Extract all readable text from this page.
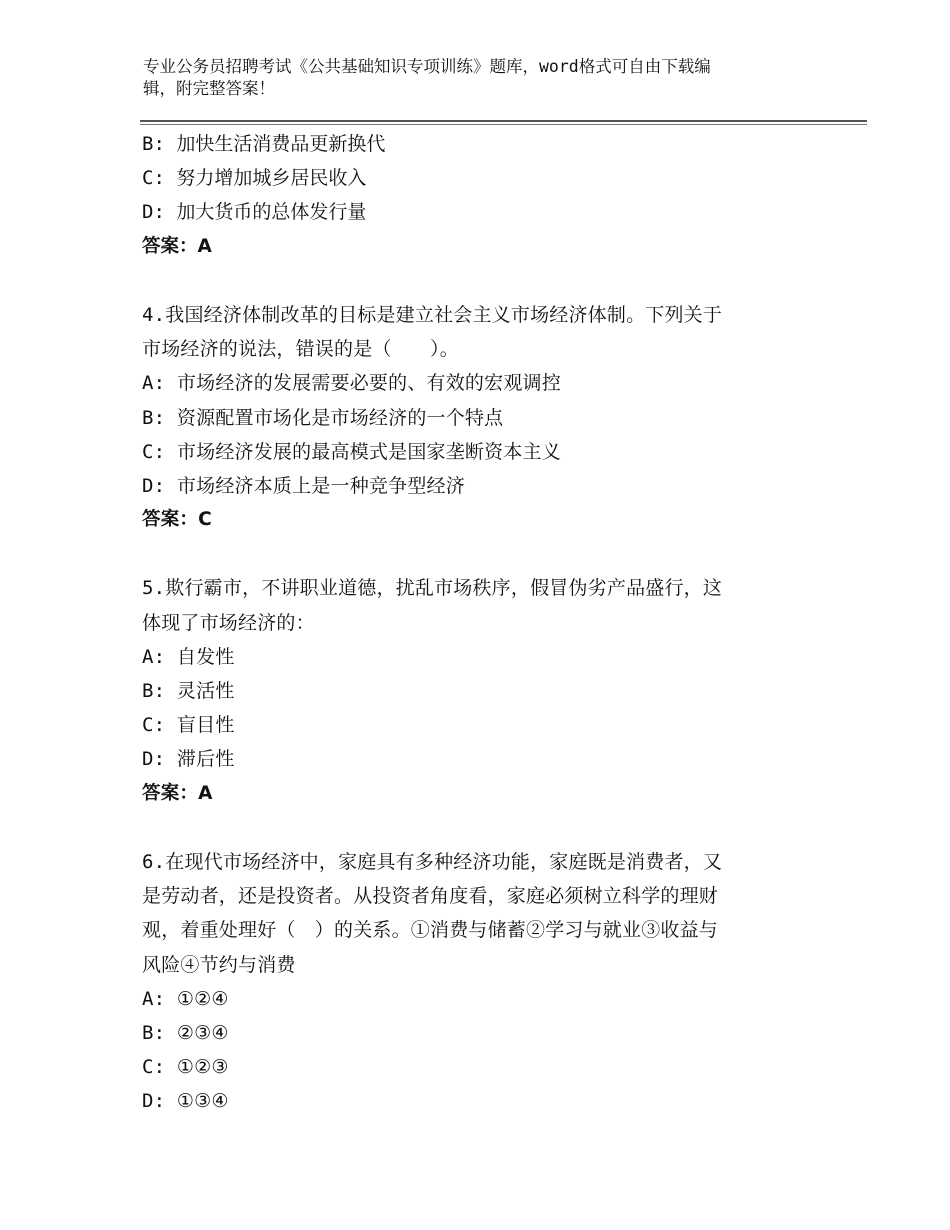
专业公务员招聘考试《公共基础知识专项训练》题库，word格式可自由下载编
辑，附完整答案！
B: 加快生活消费品更新换代
C: 努力增加城乡居民收入
D: 加大货币的总体发行量
答案：A
4.我国经济体制改革的目标是建立社会主义市场经济体制。下列关于
市场经济的说法，错误的是（　　）。
A: 市场经济的发展需要必要的、有效的宏观调控
B: 资源配置市场化是市场经济的一个特点
C: 市场经济发展的最高模式是国家垄断资本主义
D: 市场经济本质上是一种竞争型经济
答案：C
5.欺行霸市，不讲职业道德，扰乱市场秩序，假冒伪劣产品盛行，这
体现了市场经济的：
A: 自发性
B: 灵活性
C: 盲目性
D: 滞后性
答案：A
6.在现代市场经济中，家庭具有多种经济功能，家庭既是消费者，又
是劳动者，还是投资者。从投资者角度看，家庭必须树立科学的理财
观，着重处理好（　）的关系。①消费与储蓄②学习与就业③收益与
风险④节约与消费
A: ①②④
B: ②③④
C: ①②③
D: ①③④
